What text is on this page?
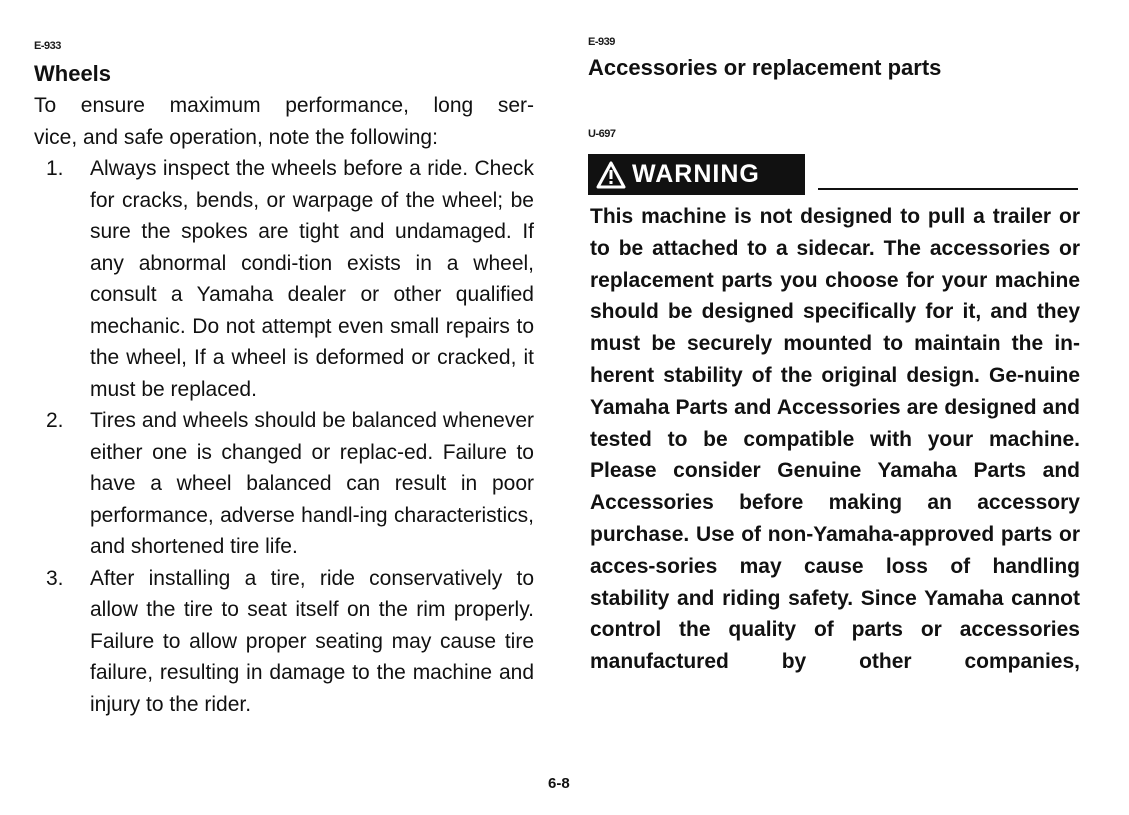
E-933
Wheels

To ensure maximum performance, long ser-

vice, and safe operation, note the following:

1.	Always inspect the wheels before a ride. Check for cracks, bends, or warpage of the wheel; be sure the spokes are tight and undamaged. If any abnormal condi-tion exists in a wheel, consult a Yamaha dealer or other qualified mechanic. Do not attempt even small repairs to the wheel, If a wheel is deformed or cracked, it must be replaced.
2.	Tires and wheels should be balanced whenever either one is changed or replac-ed. Failure to have a wheel balanced can result in poor performance, adverse handl-ing characteristics, and shortened tire life.
3.	After installing a tire, ride conservatively to allow the tire to seat itself on the rim properly. Failure to allow proper seating may cause tire failure, resulting in damage to the machine and injury to the rider.
E-939
Accessories or replacement parts
U-697
WARNING

This machine is not designed to pull a trailer or to be attached to a sidecar. The accessories or replacement parts you choose for your machine should be designed specifically for it, and they must be securely mounted to maintain the in-herent stability of the original design. Ge-nuine Yamaha Parts and Accessories are designed and tested to be compatible with your machine. Please consider Genuine Yamaha Parts and Accessories before making an accessory purchase. Use of non-Yamaha-approved parts or acces-sories may cause loss of handling stability and riding safety. Since Yamaha cannot control the quality of parts or accessories manufactured by other companies,

6-8
